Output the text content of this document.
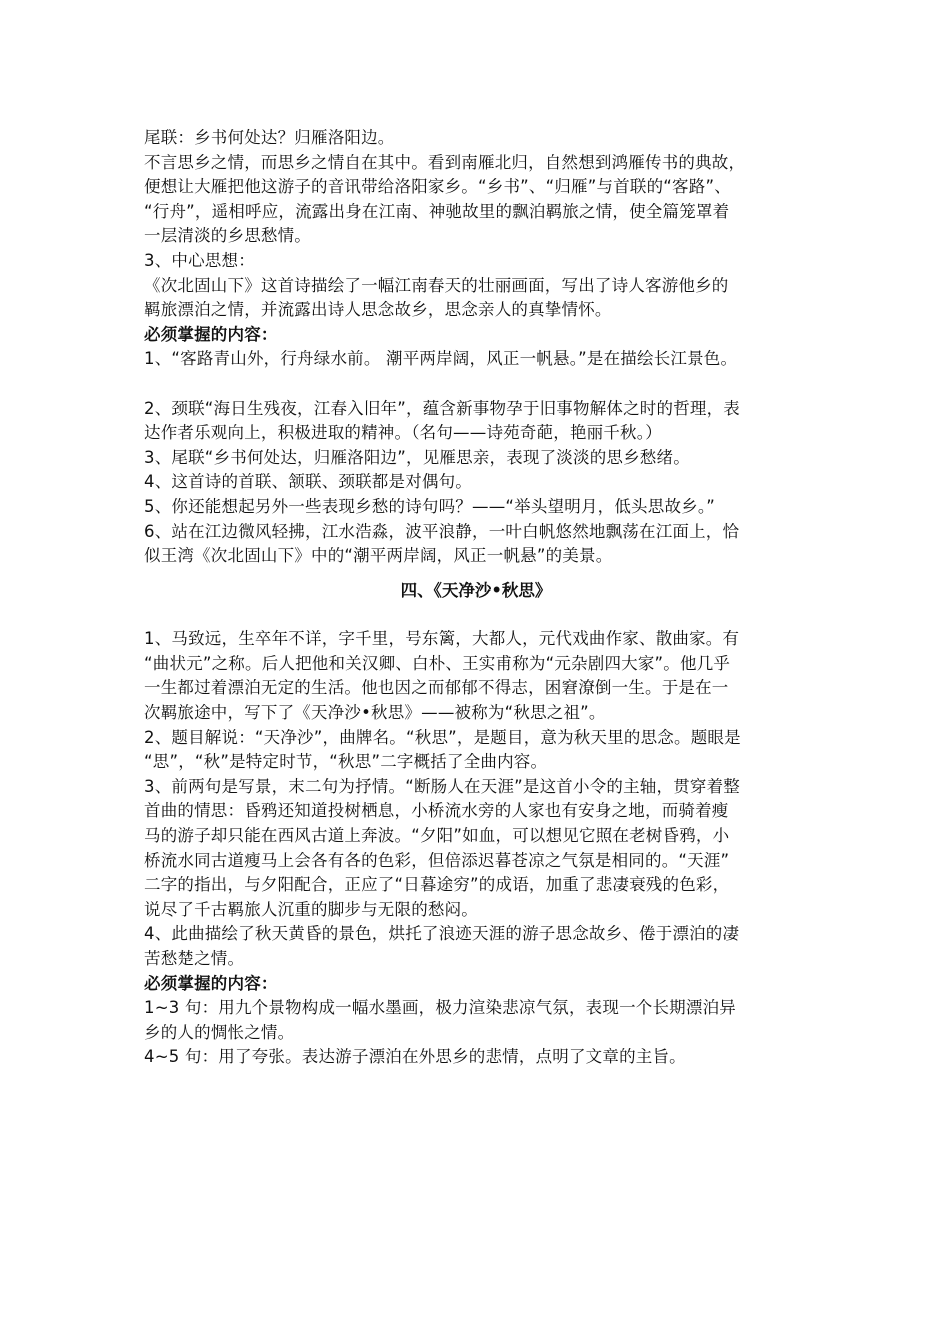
尾联：乡书何处达？归雁洛阳边。
不言思乡之情，而思乡之情自在其中。看到南雁北归，自然想到鸿雁传书的典故，
便想让大雁把他这游子的音讯带给洛阳家乡。“乡书”、“归雁”与首联的“客路”、
“行舟”，遥相呼应，流露出身在江南、神驰故里的飘泊羁旅之情，使全篇笼罩着
一层清淡的乡思愁情。
3、中心思想：
《次北固山下》这首诗描绘了一幅江南春天的壮丽画面，写出了诗人客游他乡的
羁旅漂泊之情，并流露出诗人思念故乡，思念亲人的真挚情怀。
必须掌握的内容：
1、“客路青山外，行舟绿水前。 潮平两岸阔，风正一帆悬。”是在描绘长江景色。
2、颈联“海日生残夜，江春入旧年”，蕴含新事物孕于旧事物解体之时的哲理，表
达作者乐观向上，积极进取的精神。（名句——诗苑奇葩，艳丽千秋。）
3、尾联“乡书何处达，归雁洛阳边”，见雁思亲，表现了淡淡的思乡愁绪。
4、这首诗的首联、颔联、颈联都是对偶句。
5、你还能想起另外一些表现乡愁的诗句吗？——“举头望明月，低头思故乡。”
6、站在江边微风轻拂，江水浩淼，波平浪静，一叶白帆悠然地飘荡在江面上，恰
似王湾《次北固山下》中的“潮平两岸阔，风正一帆悬”的美景。
四、《天净沙•秋思》
1、马致远，生卒年不详，字千里，号东篱，大都人，元代戏曲作家、散曲家。有
“曲状元”之称。后人把他和关汉卿、白朴、王实甫称为“元杂剧四大家”。他几乎
一生都过着漂泊无定的生活。他也因之而郁郁不得志，困窘潦倒一生。于是在一
次羁旅途中，写下了《天净沙•秋思》——被称为“秋思之祖”。
2、题目解说：“天净沙”，曲牌名。“秋思”，是题目，意为秋天里的思念。题眼是
“思”，“秋”是特定时节，“秋思”二字概括了全曲内容。
3、前两句是写景，末二句为抒情。“断肠人在天涯”是这首小令的主轴，贯穿着整
首曲的情思：昏鸦还知道投树栖息，小桥流水旁的人家也有安身之地，而骑着瘦
马的游子却只能在西风古道上奔波。“夕阳”如血，可以想见它照在老树昏鸦，小
桥流水同古道瘦马上会各有各的色彩，但倍添迟暮苍凉之气氛是相同的。“天涯”
二字的指出，与夕阳配合，正应了“日暮途穷”的成语，加重了悲凄衰残的色彩，
说尽了千古羁旅人沉重的脚步与无限的愁闷。
4、此曲描绘了秋天黄昏的景色，烘托了浪迹天涯的游子思念故乡、倦于漂泊的凄
苦愁楚之情。
必须掌握的内容：
1~3 句：用九个景物构成一幅水墨画，极力渲染悲凉气氛，表现一个长期漂泊异
乡的人的惆怅之情。
4~5 句：用了夸张。表达游子漂泊在外思乡的悲情，点明了文章的主旨。
